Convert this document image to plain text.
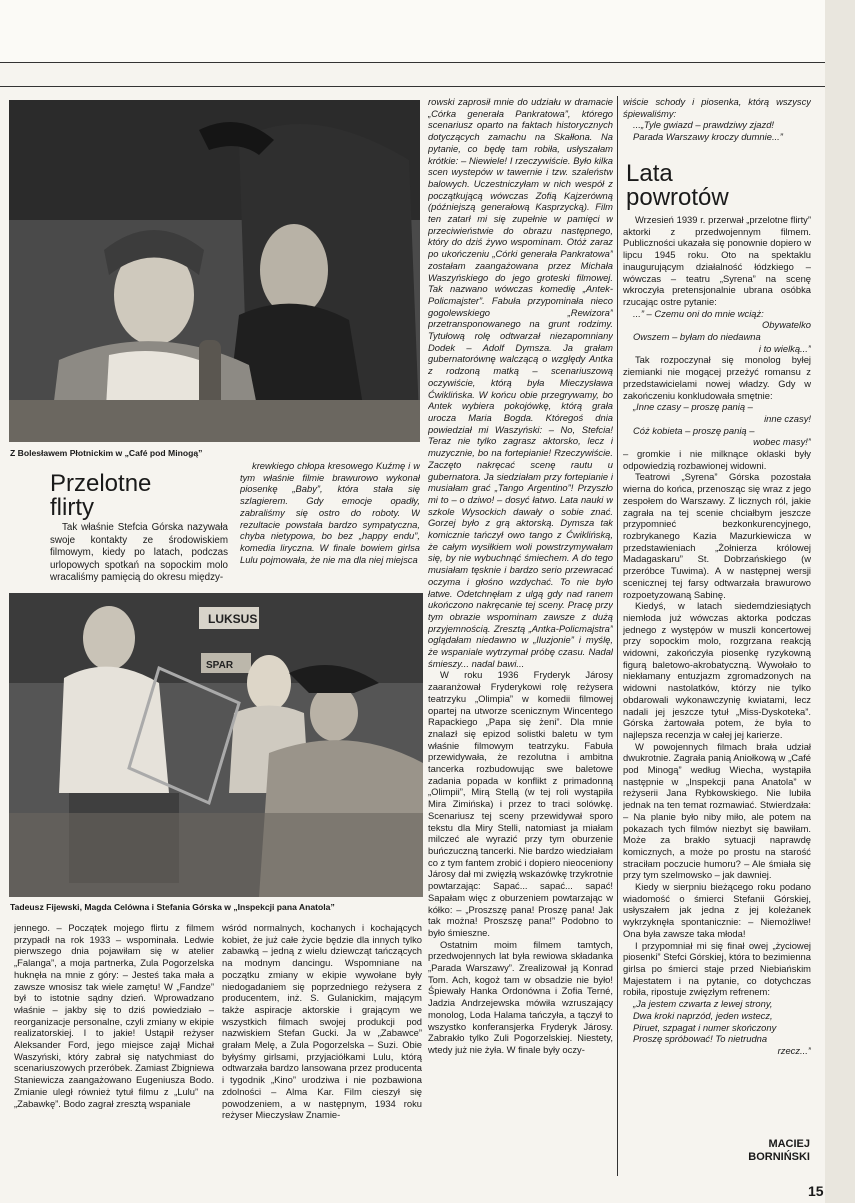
Z Bolesławem Płotnickim w „Café pod Minogą”
Przelotne
flirty

Tak właśnie Stefcia Górska nazywała swoje kontakty ze środowiskiem filmowym, kiedy po latach, podczas urlopowych spotkań na sopockim molo wracaliśmy pamięcią do okresu między-

krewkiego chłopa kresowego Kuźmę i w tym właśnie filmie brawurowo wykonał piosenkę „Baby”, która stała się szlagierem. Gdy emocje opadły, zabraliśmy się ostro do roboty. W rezultacie powstała bardzo sympatyczna, chyba nietypowa, bo bez „happy endu”, komedia liryczna. W finale bowiem girlsa Lulu pojmowała, że nie ma dla niej miejsca

LUKSUS
SPAR
Tadeusz Fijewski, Magda Celówna i Stefania Górska w „Inspekcji pana Anatola”

jennego. – Początek mojego flirtu z filmem przypadł na rok 1933 – wspominała. Ledwie pierwszego dnia pojawiłam się w atelier „Falanga”, a moja partnerka, Zula Pogorzelska huknęła na mnie z góry: – Jesteś taka mała a zawsze wnosisz tak wiele zamętu! W „Fandze” był to istotnie sądny dzień. Wprowadzano właśnie – jakby się to dziś powiedziało – reorganizacje personalne, czyli zmiany w ekipie realizatorskiej. I to jakie! Ustąpił reżyser Aleksander Ford, jego miejsce zajął Michał Waszyński, który zabrał się natychmiast do scenariuszowych przeróbek. Zamiast Zbigniewa Staniewicza zaangażowano Eugeniusza Bodo. Zmianie uległ również tytuł filmu z „Lulu” na „Zabawkę”. Bodo zagrał zresztą wspaniale

wśród normalnych, kochanych i kochających kobiet, że już całe życie będzie dla innych tylko zabawką – jedną z wielu dziewcząt tańczących na modnym dancingu. Wspomniane na początku zmiany w ekipie wywołane były niedogadaniem się poprzedniego reżysera z producentem, inż. S. Gulanickim, mającym także aspiracje aktorskie i grającym we wszystkich filmach swojej produkcji pod nazwiskiem Stefan Gucki. Ja w „Zabawce” grałam Melę, a Zula Pogorzelska – Suzi. Obie byłyśmy girlsami, przyjaciółkami Lulu, którą odtwarzała bardzo lansowana przez producenta i tygodnik „Kino” urodziwa i nie pozbawiona zdolności – Alma Kar. Film cieszył się powodzeniem, a w następnym, 1934 roku reżyser Mieczysław Znamie-

rowski zaprosił mnie do udziału w dramacie „Córka generała Pankratowa”, którego scenariusz oparto na faktach historycznych dotyczących zamachu na Skałłona. Na pytanie, co będę tam robiła, usłyszałam krótkie: – Niewiele! I rzeczywiście. Było kilka scen wystepów w tawernie i tzw. szaleństw balowych. Uczestniczyłam w nich wespół z początkującą wówczas Zofią Kajzerówną (późniejszą generałową Kasprzycką). Film ten zatarł mi się zupełnie w pamięci w przeciwieństwie do obrazu następnego, który do dziś żywo wspominam. Otóż zaraz po ukończeniu „Córki generała Pankratowa” zostałam zaangażowana przez Michała Waszyńskiego do jego groteski filmowej. Tak nazwano wówczas komedię „Antek-Policmajster”. Fabuła przypominała nieco gogolewskiego „Rewizora” przetransponowanego na grunt rodzimy. Tytułową rolę odtwarzał niezapomniany Dodek – Adolf Dymsza. Ja grałam gubernatorównę walczącą o względy Antka z rodzoną matką – scenariuszową oczywiście, którą była Mieczysława Ćwiklińska. W końcu obie przegrywamy, bo Antek wybiera pokojówkę, którą grała urocza Maria Bogda. Któregoś dnia powiedział mi Waszyński: – No, Stefcia! Teraz nie tylko zagrasz aktorsko, lecz i muzycznie, bo na fortepianie! Rzeczywiście. Zaczęto nakręcać scenę rautu u gubernatora. Ja siedziałam przy fortepianie i musiałam grać „Tango Argentino”! Przyszło mi to – o dziwo! – dosyć łatwo. Lata nauki w szkole Wysockich dawały o sobie znać. Gorzej było z grą aktorską. Dymsza tak komicznie tańczył owo tango z Ćwiklińską, że całym wysiłkiem woli powstrzymywałam się, by nie wybuchnąć śmiechem. A do tego musiałam tęsknie i bardzo serio przewracać oczyma i głośno wzdychać. To nie było łatwe. Odetchnęłam z ulgą gdy nad ranem ukończono nakręcanie tej sceny. Pracę przy tym obrazie wspominam zawsze z dużą przyjemnością. Zresztą „Antka-Policmajstra” oglądałam niedawno w „Iluzjonie” i myślę, że wspaniale wytrzymał próbę czasu. Nadal śmieszy... nadal bawi...

W roku 1936 Fryderyk Járosy zaaranżował Fryderykowi rolę reżysera teatrzyku „Olimpia” w komedii filmowej opartej na utworze scenicznym Wincentego Rapackiego „Papa się żeni”. Dla mnie znalazł się epizod solistki baletu w tym właśnie filmowym teatrzyku. Fabuła przewidywała, że rezolutna i ambitna tancerka rozbudowując swe baletowe zadania popada w konflikt z primadonną „Olimpii”, Mirą Stellą (w tej roli wystąpiła Mira Zimińska) i przez to traci solówkę. Scenariusz tej sceny przewidywał sporo tekstu dla Miry Stelli, natomiast ja miałam milczeć ale wyrazić przy tym oburzenie buńczuczną tancerki. Nie bardzo wiedziałam co z tym fantem zrobić i dopiero nieoceniony Járosy dał mi zwięzłą wskazówkę trzykrotnie powtarzając: Sapać... sapać... sapać! Sapałam więc z oburzeniem powtarzając w kółko: – „Proszszę pana! Proszę pana! Jak tak można! Proszszę pana!” Podobno to było śmieszne.

Ostatnim moim filmem tamtych, przedwojennych lat była rewiowa składanka „Parada Warszawy”. Zrealizował ją Konrad Tom. Ach, kogoż tam w obsadzie nie było! Śpiewały Hanka Ordonówna i Zofia Terné, Jadzia Andrzejewska mówiła wzruszający monolog, Loda Halama tańczyła, a tączył to wszystko konferansjerka Fryderyk Járosy. Zabrakło tylko Zuli Pogorzelskiej. Niestety, wtedy już nie żyła. W finale były oczy-

wiście schody i piosenka, którą wszyscy śpiewaliśmy:

...„Tyle gwiazd – prawdziwy zjazd!

Parada Warszawy kroczy dumnie...”

Lata
powrotów

Wrzesień 1939 r. przerwał „przelotne flirty” aktorki z przedwojennym filmem. Publiczności ukazała się ponownie dopiero w lipcu 1945 roku. Oto na spektaklu inaugurującym działalność łódzkiego – wówczas – teatru „Syrena” na scenę wkroczyła pretensjonalnie ubrana osóbka rzucając ostre pytanie:

...” – Czemu oni do mnie wciąż:

Obywatelko

Owszem – byłam do niedawna

i to wielką...”

Tak rozpoczynał się monolog byłej ziemianki nie mogącej przeżyć romansu z przedstawicielami nowej władzy. Gdy w zakończeniu konkludowała smętnie:

„Inne czasy – proszę panią –

inne czasy!

Cóż kobieta – proszę panią –

wobec masy!”

– gromkie i nie milknące oklaski były odpowiedzią rozbawionej widowni.

Teatrowi „Syrena” Górska pozostała wierna do końca, przenosząc się wraz z jego zespołem do Warszawy. Z licznych ról, jakie zagrała na tej scenie chciałbym jeszcze przypomnieć bezkonkurencyjnego, rozbrykanego Kazia Mazurkiewicza w przedstawieniach „Żołnierza królowej Madagaskaru” St. Dobrzańskiego (w przeróbce Tuwima). A w następnej wersji scenicznej tej farsy odtwarzała brawurowo rozpoetyzowaną Sabinę.

Kiedyś, w latach siedemdziesiątych niemłoda już wówczas aktorka podczas jednego z występów w muszli koncertowej przy sopockim molo, rozgrzana reakcją widowni, zakończyła piosenkę ryzykowną figurą baletowo-akrobatyczną. Wywołało to niekłamany entuzjazm zgromadzonych na widowni nastolatków, którzy nie tylko obdarowali wykonawczynię kwiatami, lecz nadali jej jeszcze tytuł „Miss-Dyskoteka”. Górska żartowała potem, że była to najlepsza recenzja w całej jej karierze.

W powojennych filmach brała udział dwukrotnie. Zagrała panią Aniołkową w „Café pod Minogą” według Wiecha, wystąpiła następnie w „Inspekcji pana Anatola” w reżyserii Jana Rybkowskiego. Nie lubiła jednak na ten temat rozmawiać. Stwierdzała: – Na planie było niby miło, ale potem na pokazach tych filmów niezbyt się bawiłam. Może za brakło sytuacji naprawdę komicznych, a może po prostu na starość straciłam poczucie humoru? – Ale śmiała się przy tym szelmowsko – jak dawniej.

Kiedy w sierpniu bieżącego roku podano wiadomość o śmierci Stefanii Górskiej, usłyszałem jak jedna z jej koleżanek wykrzyknęła spontanicznie: – Niemożliwe! Ona była zawsze taka młoda!

I przypomniał mi się finał owej „życiowej piosenki” Stefci Górskiej, która to bezimienna girlsa po śmierci staje przed Niebiańskim Majestatem i na pytanie, co dotychczas robiła, ripostuje zwięzłym refrenem:

„Ja jestem czwarta z lewej strony,

Dwa kroki naprzód, jeden wstecz,

Piruet, szpagat i numer skończony

Proszę spróbować! To nietrudna

rzecz...”

MACIEJ
BORNIŃSKI
15
